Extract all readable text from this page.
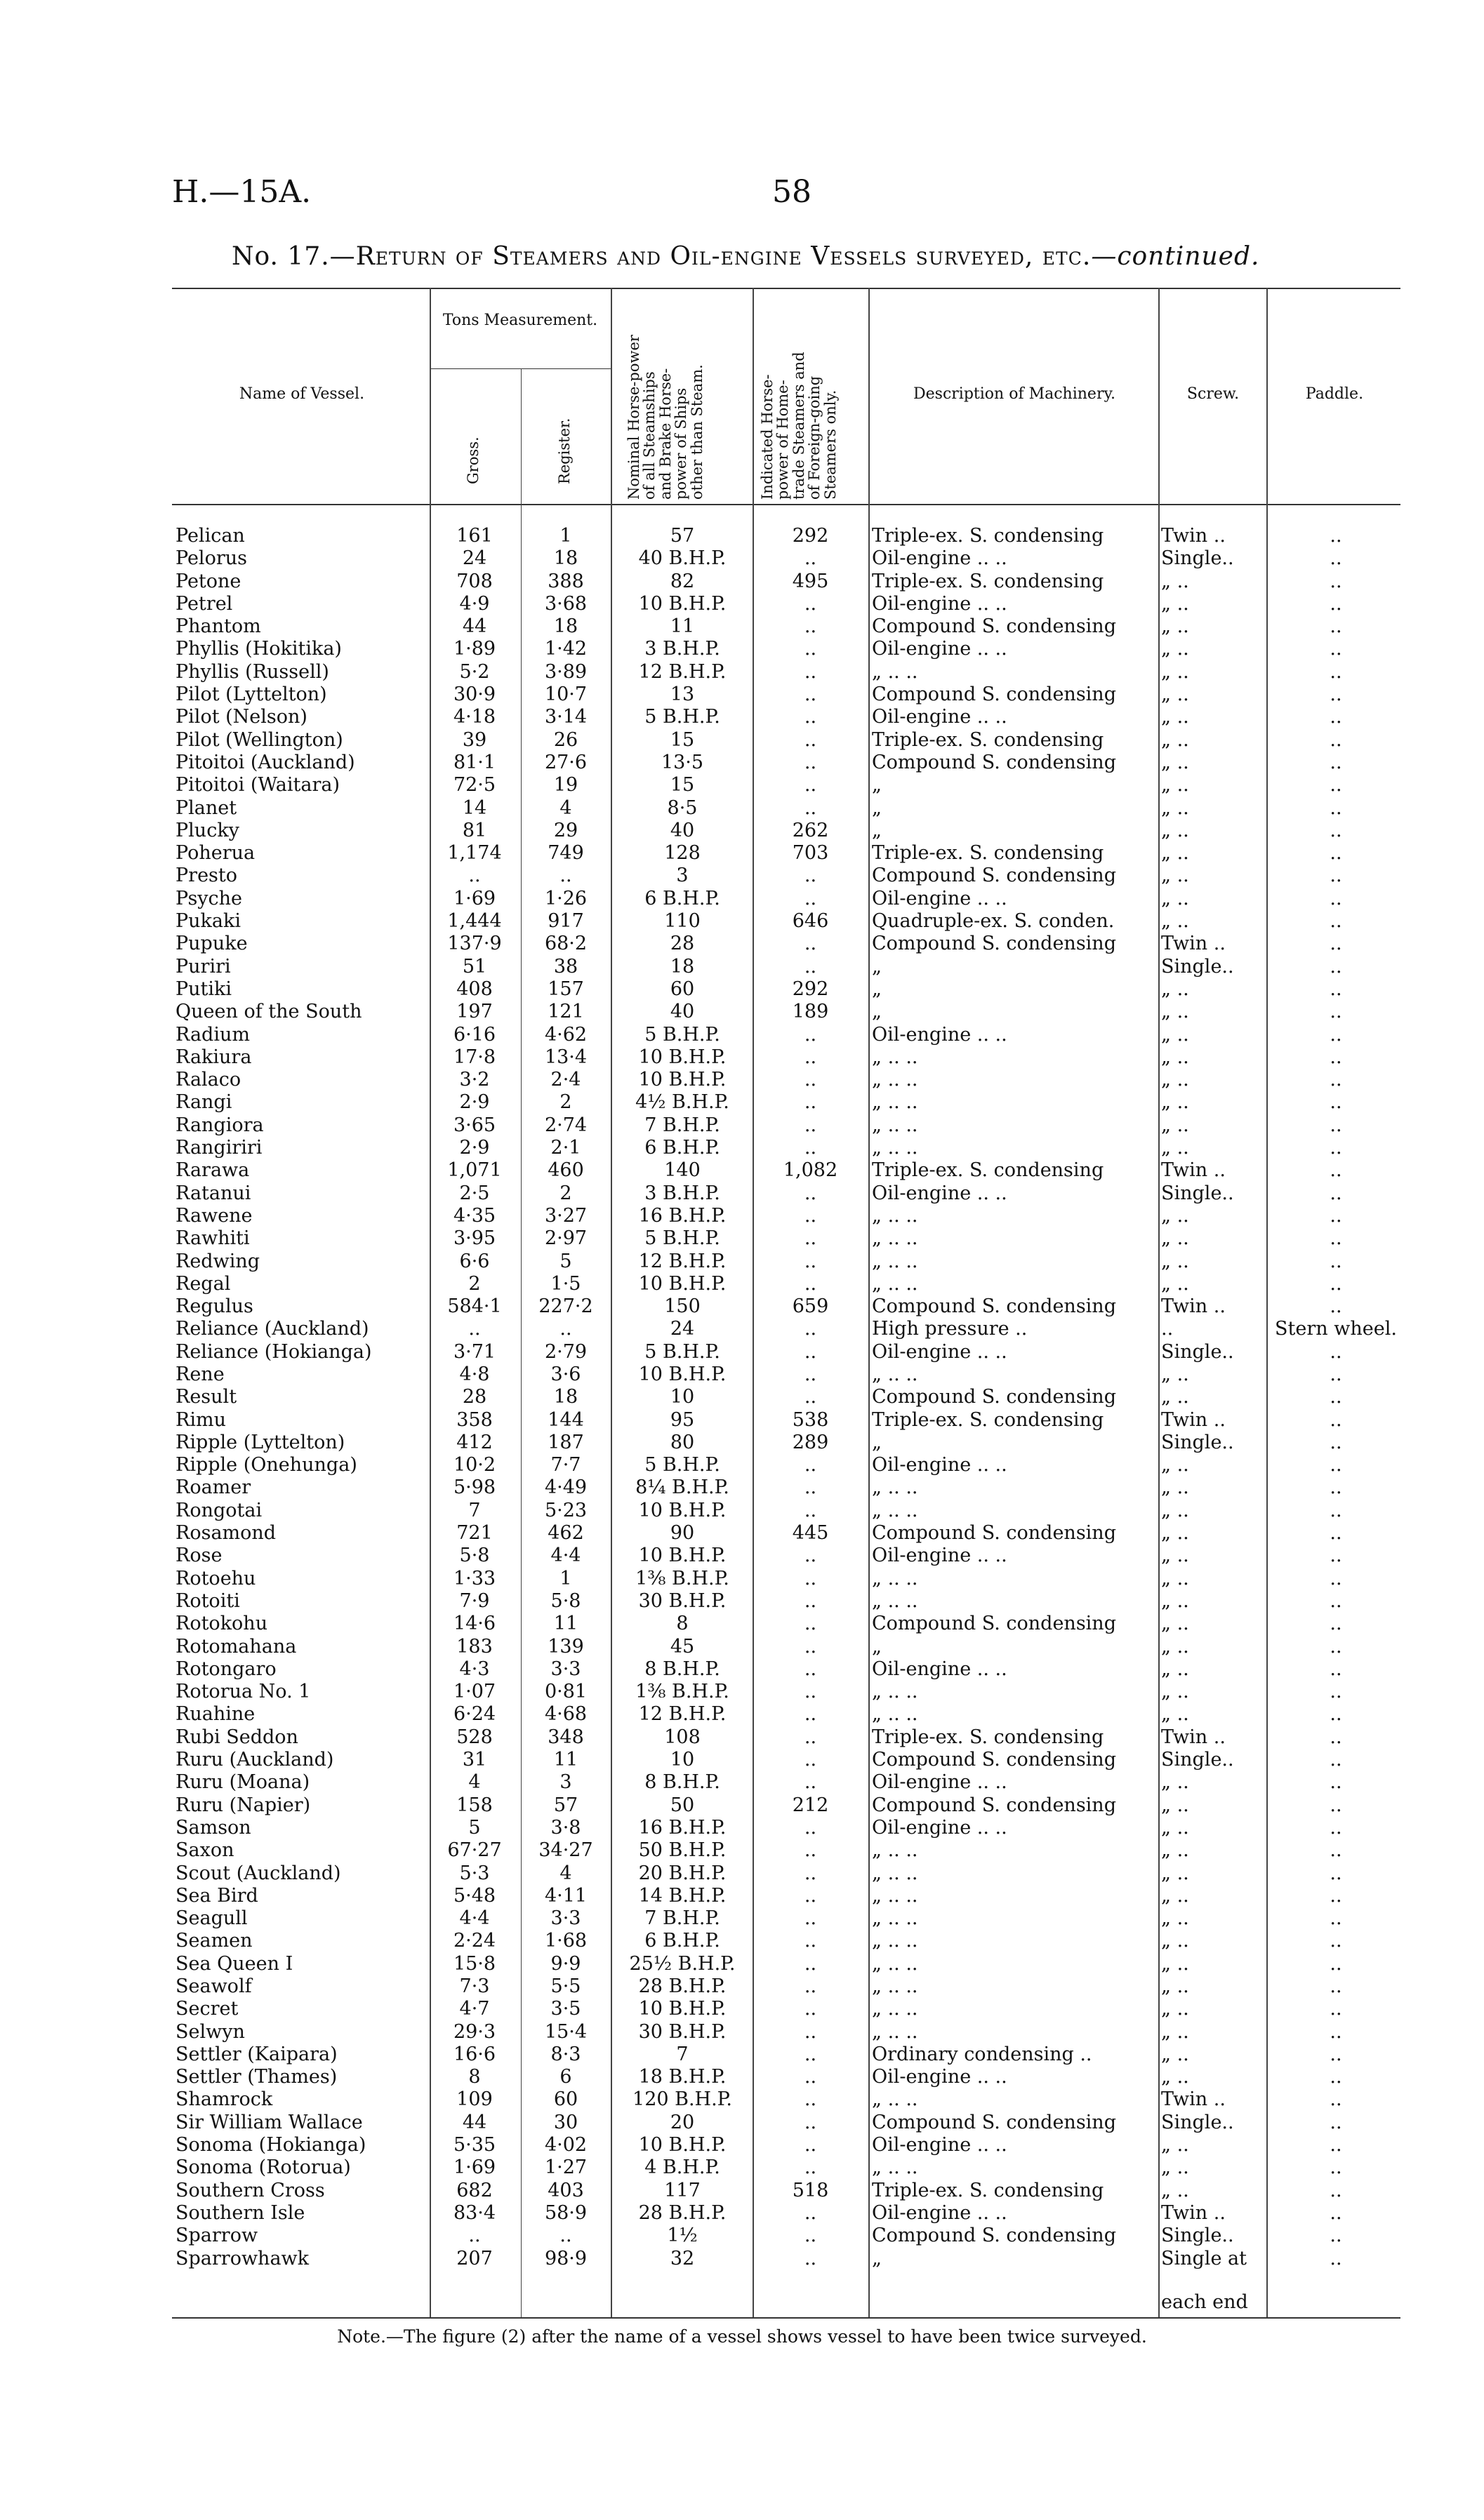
H.—15A.	58
No. 17.—Return of Steamers and Oil-engine Vessels surveyed, etc.—continued.
Name of Vessel.
Tons Measurement.
Gross.	Register.	Nominal Horse-power
of all Steamships
and Brake Horse-
power of Ships
other than Steam.	Indicated Horse-
power of Home-
trade Steamers and
of Foreign-going
Steamers only.	Description of Machinery.	Screw.	Paddle.
Pelican	161	1	57	292	Triple-ex. S. condensing	Twin ..	..
Pelorus	24	18	40 B.H.P.	..	Oil-engine .. ..	Single..	..
Petone	708	388	82	495	Triple-ex. S. condensing	„ ..	..
Petrel	4·9	3·68	10 B.H.P.	..	Oil-engine .. ..	„ ..	..
Phantom	44	18	11	..	Compound S. condensing	„ ..	..
Phyllis (Hokitika)	1·89	1·42	3 B.H.P.	..	Oil-engine .. ..	„ ..	..
Phyllis (Russell)	5·2	3·89	12 B.H.P.	..	„ .. ..	„ ..	..
Pilot (Lyttelton)	30·9	10·7	13	..	Compound S. condensing	„ ..	..
Pilot (Nelson)	4·18	3·14	5 B.H.P.	..	Oil-engine .. ..	„ ..	..
Pilot (Wellington)	39	26	15	..	Triple-ex. S. condensing	„ ..	..
Pitoitoi (Auckland)	81·1	27·6	13·5	..	Compound S. condensing	„ ..	..
Pitoitoi (Waitara)	72·5	19	15	..	„	„ ..	..
Planet	14	4	8·5	..	„	„ ..	..
Plucky	81	29	40	262	„	„ ..	..
Poherua	1,174	749	128	703	Triple-ex. S. condensing	„ ..	..
Presto	..	..	3	..	Compound S. condensing	„ ..	..
Psyche	1·69	1·26	6 B.H.P.	..	Oil-engine .. ..	„ ..	..
Pukaki	1,444	917	110	646	Quadruple-ex. S. conden.	„ ..	..
Pupuke	137·9	68·2	28	..	Compound S. condensing	Twin ..	..
Puriri	51	38	18	..	„	Single..	..
Putiki	408	157	60	292	„	„ ..	..
Queen of the South	197	121	40	189	„	„ ..	..
Radium	6·16	4·62	5 B.H.P.	..	Oil-engine .. ..	„ ..	..
Rakiura	17·8	13·4	10 B.H.P.	..	„ .. ..	„ ..	..
Ralaco	3·2	2·4	10 B.H.P.	..	„ .. ..	„ ..	..
Rangi	2·9	2	4½ B.H.P.	..	„ .. ..	„ ..	..
Rangiora	3·65	2·74	7 B.H.P.	..	„ .. ..	„ ..	..
Rangiriri	2·9	2·1	6 B.H.P.	..	„ .. ..	„ ..	..
Rarawa	1,071	460	140	1,082	Triple-ex. S. condensing	Twin ..	..
Ratanui	2·5	2	3 B.H.P.	..	Oil-engine .. ..	Single..	..
Rawene	4·35	3·27	16 B.H.P.	..	„ .. ..	„ ..	..
Rawhiti	3·95	2·97	5 B.H.P.	..	„ .. ..	„ ..	..
Redwing	6·6	5	12 B.H.P.	..	„ .. ..	„ ..	..
Regal	2	1·5	10 B.H.P.	..	„ .. ..	„ ..	..
Regulus	584·1	227·2	150	659	Compound S. condensing	Twin ..	..
Reliance (Auckland)	..	..	24	..	High pressure ..	..	Stern wheel.
Reliance (Hokianga)	3·71	2·79	5 B.H.P.	..	Oil-engine .. ..	Single..	..
Rene	4·8	3·6	10 B.H.P.	..	„ .. ..	„ ..	..
Result	28	18	10	..	Compound S. condensing	„ ..	..
Rimu	358	144	95	538	Triple-ex. S. condensing	Twin ..	..
Ripple (Lyttelton)	412	187	80	289	„	Single..	..
Ripple (Onehunga)	10·2	7·7	5 B.H.P.	..	Oil-engine .. ..	„ ..	..
Roamer	5·98	4·49	8¼ B.H.P.	..	„ .. ..	„ ..	..
Rongotai	7	5·23	10 B.H.P.	..	„ .. ..	„ ..	..
Rosamond	721	462	90	445	Compound S. condensing	„ ..	..
Rose	5·8	4·4	10 B.H.P.	..	Oil-engine .. ..	„ ..	..
Rotoehu	1·33	1	1⅜ B.H.P.	..	„ .. ..	„ ..	..
Rotoiti	7·9	5·8	30 B.H.P.	..	„ .. ..	„ ..	..
Rotokohu	14·6	11	8	..	Compound S. condensing	„ ..	..
Rotomahana	183	139	45	..	„	„ ..	..
Rotongaro	4·3	3·3	8 B.H.P.	..	Oil-engine .. ..	„ ..	..
Rotorua No. 1	1·07	0·81	1⅜ B.H.P.	..	„ .. ..	„ ..	..
Ruahine	6·24	4·68	12 B.H.P.	..	„ .. ..	„ ..	..
Rubi Seddon	528	348	108	..	Triple-ex. S. condensing	Twin ..	..
Ruru (Auckland)	31	11	10	..	Compound S. condensing	Single..	..
Ruru (Moana)	4	3	8 B.H.P.	..	Oil-engine .. ..	„ ..	..
Ruru (Napier)	158	57	50	212	Compound S. condensing	„ ..	..
Samson	5	3·8	16 B.H.P.	..	Oil-engine .. ..	„ ..	..
Saxon	67·27	34·27	50 B.H.P.	..	„ .. ..	„ ..	..
Scout (Auckland)	5·3	4	20 B.H.P.	..	„ .. ..	„ ..	..
Sea Bird	5·48	4·11	14 B.H.P.	..	„ .. ..	„ ..	..
Seagull	4·4	3·3	7 B.H.P.	..	„ .. ..	„ ..	..
Seamen	2·24	1·68	6 B.H.P.	..	„ .. ..	„ ..	..
Sea Queen I	15·8	9·9	25½ B.H.P.	..	„ .. ..	„ ..	..
Seawolf	7·3	5·5	28 B.H.P.	..	„ .. ..	„ ..	..
Secret	4·7	3·5	10 B.H.P.	..	„ .. ..	„ ..	..
Selwyn	29·3	15·4	30 B.H.P.	..	„ .. ..	„ ..	..
Settler (Kaipara)	16·6	8·3	7	..	Ordinary condensing ..	„ ..	..
Settler (Thames)	8	6	18 B.H.P.	..	Oil-engine .. ..	„ ..	..
Shamrock	109	60	120 B.H.P.	..	„ .. ..	Twin ..	..
Sir William Wallace	44	30	20	..	Compound S. condensing	Single..	..
Sonoma (Hokianga)	5·35	4·02	10 B.H.P.	..	Oil-engine .. ..	„ ..	..
Sonoma (Rotorua)	1·69	1·27	4 B.H.P.	..	„ .. ..	„ ..	..
Southern Cross	682	403	117	518	Triple-ex. S. condensing	„ ..	..
Southern Isle	83·4	58·9	28 B.H.P.	..	Oil-engine .. ..	Twin ..	..
Sparrow	..	..	1½	..	Compound S. condensing	Single..	..
Sparrowhawk	207	98·9	32	..	„	Single at	..
each end
Note.—The figure (2) after the name of a vessel shows vessel to have been twice surveyed.
